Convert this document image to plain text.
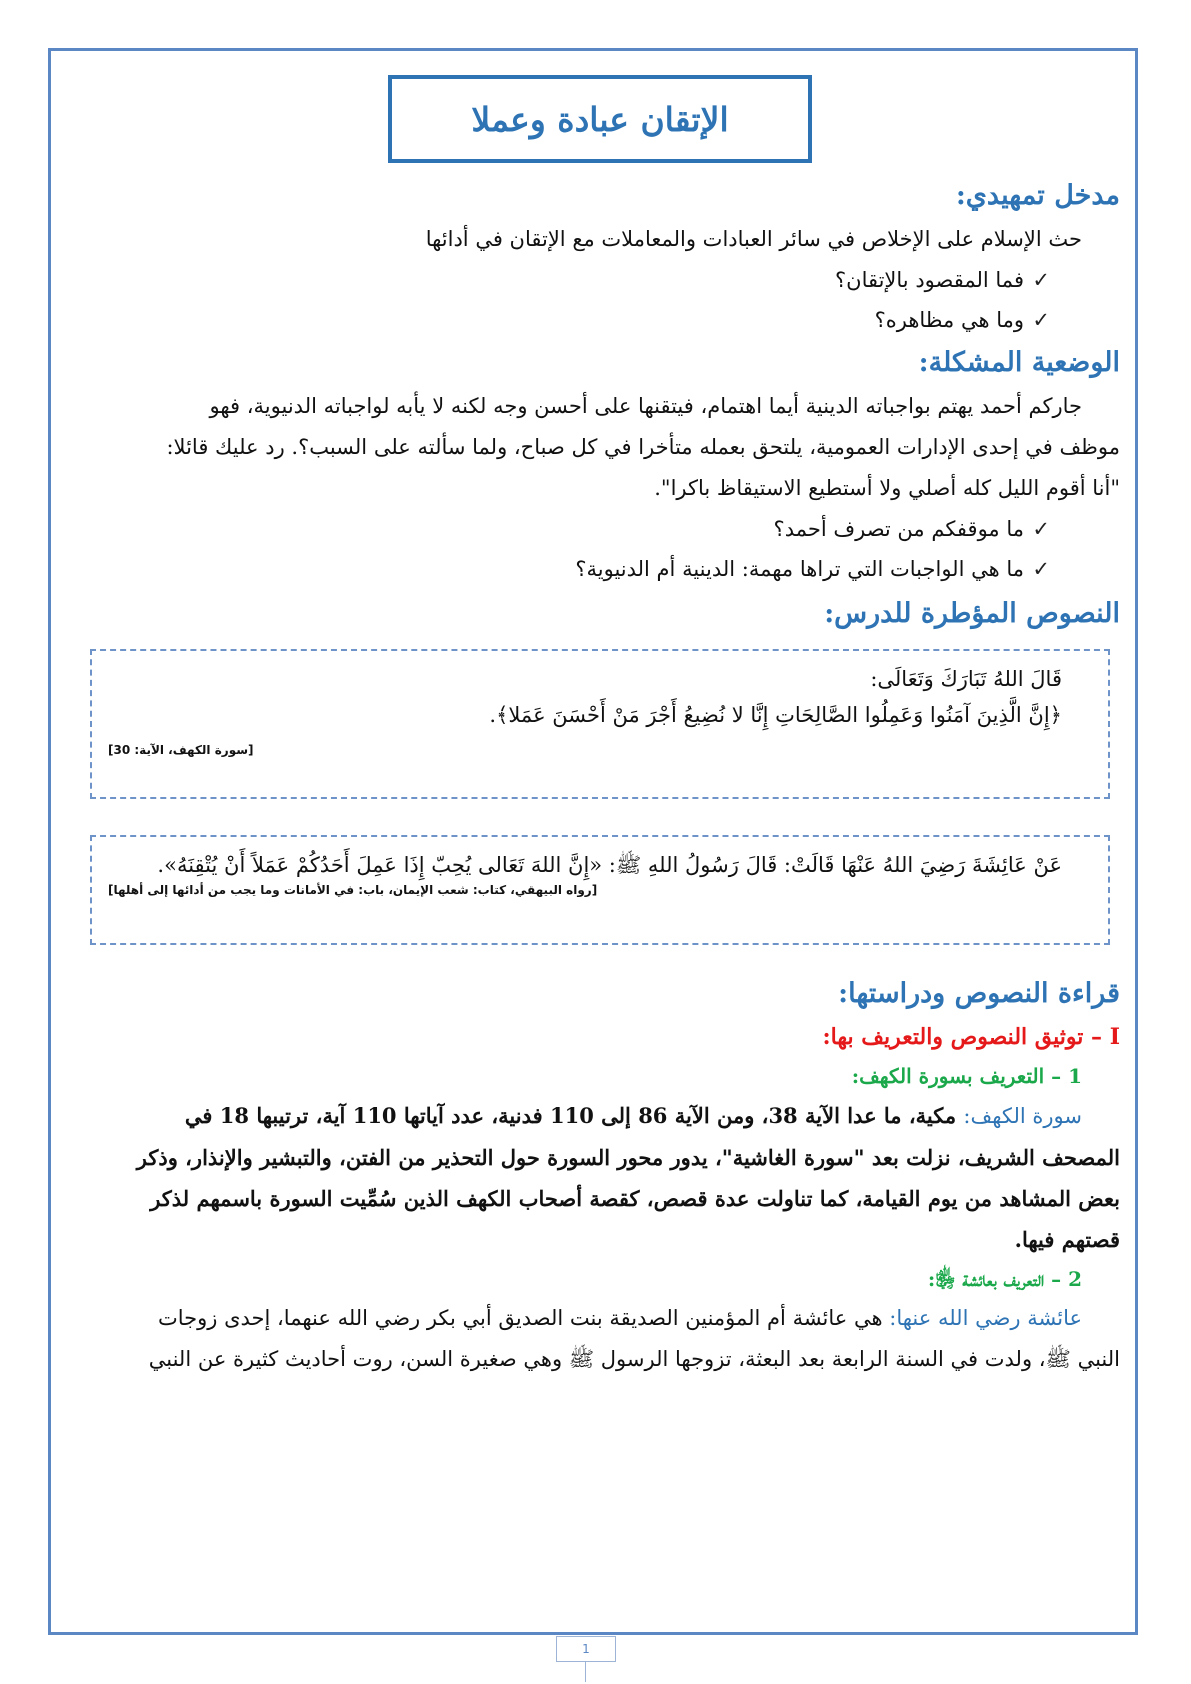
الإتقان عبادة وعملا
مدخل تمهيدي:

حث الإسلام على الإخلاص في سائر العبادات والمعاملات مع الإتقان في أدائها

✓فما المقصود بالإتقان؟

✓وما هي مظاهره؟

الوضعية المشكلة:

جاركم أحمد يهتم بواجباته الدينية أيما اهتمام، فيتقنها على أحسن وجه لكنه لا يأبه لواجباته الدنيوية، فهو

موظف في إحدى الإدارات العمومية، يلتحق بعمله متأخرا في كل صباح، ولما سألته على السبب؟. رد عليك قائلا:

"أنا أقوم الليل كله أصلي ولا أستطيع الاستيقاظ باكرا".

✓ما موقفكم من تصرف أحمد؟

✓ما هي الواجبات التي تراها مهمة: الدينية أم الدنيوية؟

النصوص المؤطرة للدرس:

قَالَ اللهُ تَبَارَكَ وَتَعَالَى:

﴿إِنَّ الَّذِينَ آمَنُوا وَعَمِلُوا الصَّالِحَاتِ إِنَّا لا نُضِيعُ أَجْرَ مَنْ أَحْسَنَ عَمَلا﴾.

[سورة الكهف، الآية: 30]

عَنْ عَائِشَةَ رَضِيَ اللهُ عَنْهَا قَالَتْ: قَالَ رَسُولُ اللهِ ﷺ: «إِنَّ اللهَ تَعَالى يُحِبّ إِذَا عَمِلَ أَحَدُكُمْ عَمَلاً أَنْ يُتْقِنَهُ».

[رواه البيهقي، كتاب: شعب الإيمان، باب: في الأمانات وما يجب من أدائها إلى أهلها]

قراءة النصوص ودراستها:
I – توثيق النصوص والتعريف بها:
1 – التعريف بسورة الكهف:

سورة الكهف: مكية، ما عدا الآية 38، ومن الآية 86 إلى 110 فدنية، عدد آياتها 110 آية، ترتيبها 18 في

المصحف الشريف، نزلت بعد "سورة الغاشية"، يدور محور السورة حول التحذير من الفتن، والتبشير والإنذار، وذكر

بعض المشاهد من يوم القيامة، كما تناولت عدة قصص، كقصة أصحاب الكهف الذين سُمِّيت السورة باسمهم لذكر

قصتهم فيها.

2 – التعريف بعائشة ﵂:

عائشة رضي الله عنها: هي عائشة أم المؤمنين الصديقة بنت الصديق أبي بكر رضي الله عنهما، إحدى زوجات

النبي ﷺ، ولدت في السنة الرابعة بعد البعثة، تزوجها الرسول ﷺ وهي صغيرة السن، روت أحاديث كثيرة عن النبي

1
